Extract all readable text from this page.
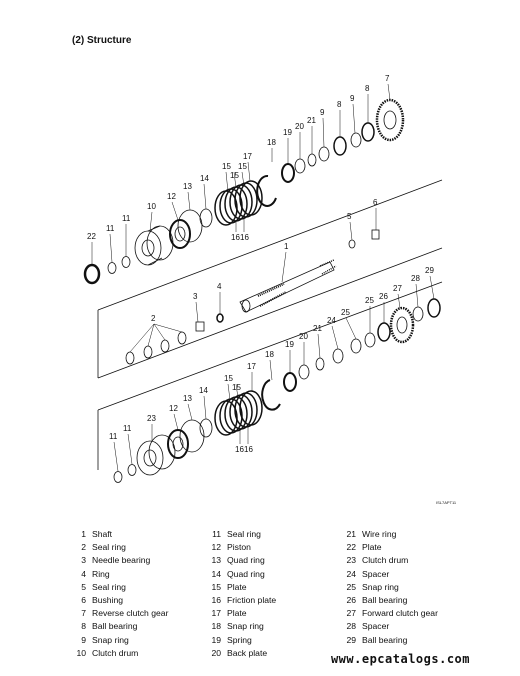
(2) Structure
22
11
11
10
12
13
14
15
15
15
16 16
17
18
19
20
21
9
8
9
8
7
1
5
6
4
3
2
29
28
27
26
25
25
24
21
20
19
18
11
11
23
12
13
14
15
15
16 16
17
ISL7APT11
1 Shaft
2 Seal ring
3 Needle bearing
4 Ring
5 Seal ring
6 Bushing
7 Reverse clutch gear
8 Ball bearing
9 Snap ring
10 Clutch drum
11 Seal ring
12 Piston
13 Quad ring
14 Quad ring
15 Plate
16 Friction plate
17 Plate
18 Snap ring
19 Spring
20 Back plate
21 Wire ring
22 Plate
23 Clutch drum
24 Spacer
25 Snap ring
26 Ball bearing
27 Forward clutch gear
28 Spacer
29 Ball bearing
www.epcatalogs.com
